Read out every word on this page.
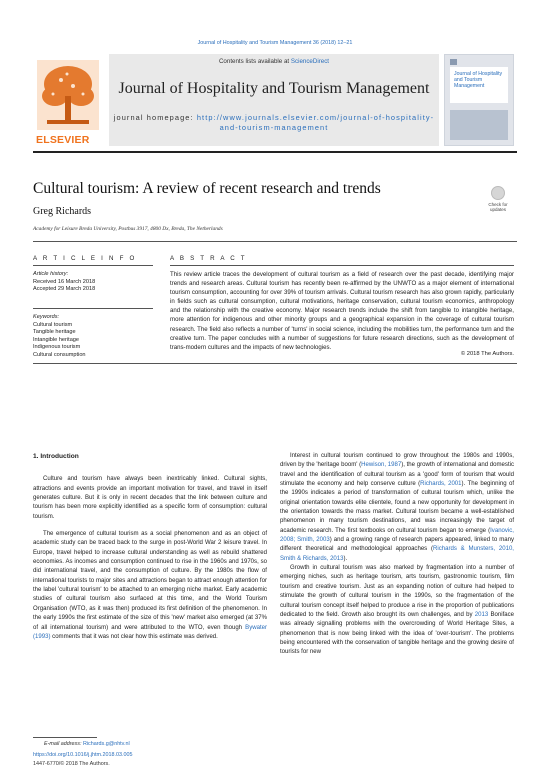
Journal of Hospitality and Tourism Management 36 (2018) 12–21
ELSEVIER
Contents lists available at ScienceDirect
Journal of Hospitality and Tourism Management
journal homepage: http://www.journals.elsevier.com/journal-of-hospitality-
and-tourism-management
Journal of Hospitality and Tourism Management
Cultural tourism: A review of recent research and trends
Greg Richards
Academy for Leisure Breda University, Postbus 3917, 4800 Dx, Breda, The Netherlands
Check for updates
A R T I C L E I N F O	A B S T R A C T
Article history:
Received 16 March 2018
Accepted 29 March 2018
Keywords:
Cultural tourism
Tangible heritage
Intangible heritage
Indigenous tourism
Cultural consumption
This review article traces the development of cultural tourism as a field of research over the past decade, identifying major trends and research areas. Cultural tourism has recently been re-affirmed by the UNWTO as a major element of international tourism consumption, accounting for over 39% of tourism arrivals. Cultural tourism research has also grown rapidly, particularly in fields such as cultural consumption, cultural motivations, heritage conservation, cultural tourism economics, anthropology and the relationship with the creative economy. Major research trends include the shift from tangible to intangible heritage, more attention for indigenous and other minority groups and a geographical expansion in the coverage of cultural tourism research. The field also reflects a number of 'turns' in social science, including the mobilities turn, the performance turn and the creative turn. The paper concludes with a number of suggestions for future research directions, such as the development of trans-modern cultures and the impacts of new technologies.
© 2018 The Authors.

1. Introduction

Culture and tourism have always been inextricably linked. Cultural sights, attractions and events provide an important motivation for travel, and travel in itself generates culture. But it is only in recent decades that the link between culture and tourism has been more explicitly identified as a specific form of consumption: cultural tourism.

The emergence of cultural tourism as a social phenomenon and as an object of academic study can be traced back to the surge in post-World War 2 leisure travel. In Europe, travel helped to increase cultural understanding as well as rebuild shattered economies. As incomes and consumption continued to rise in the 1960s and 1970s, so did international travel, and the consumption of culture. By the 1980s the flow of international tourists to major sites and attractions began to attract enough attention for the label 'cultural tourism' to be attached to an emerging niche market. Early academic studies of cultural tourism also surfaced at this time, and the World Tourism Organisation (WTO, as it was then) produced its first definition of the phenomenon. In the early 1990s the first estimate of the size of this 'new' market also emerged (at 37% of all international tourism) and were attributed to the WTO, even though Bywater (1993) comments that it was not clear how this estimate was derived.

Interest in cultural tourism continued to grow throughout the 1980s and 1990s, driven by the 'heritage boom' (Hewison, 1987), the growth of international and domestic travel and the identification of cultural tourism as a 'good' form of tourism that would stimulate the economy and help conserve culture (Richards, 2001). The beginning of the 1990s indicates a period of transformation of cultural tourism which, unlike the original orientation towards elite clientele, found a new opportunity for development in the orientation towards the mass market. Cultural tourism became a well-established phenomenon in many tourism destinations, and was increasingly the target of academic research. The first textbooks on cultural tourism began to emerge (Ivanovic, 2008; Smith, 2003) and a growing range of research papers appeared, linked to many different theoretical and methodological approaches (Richards & Munsters, 2010, Smith & Richards, 2013).

Growth in cultural tourism was also marked by fragmentation into a number of emerging niches, such as heritage tourism, arts tourism, gastronomic tourism, film tourism and creative tourism. Just as an expanding notion of culture had helped to stimulate the growth of cultural tourism in the 1990s, so the fragmentation of the cultural tourism concept itself helped to produce a rise in the proportion of publications dedicated to the field. Growth also brought its own challenges, and by 2013 Boniface was already signalling problems with the overcrowding of World Heritage Sites, a phenomenon that is now being linked with the idea of 'over-tourism'. The problems being encountered with the conservation of tangible heritage and the growing desire of tourists for new

E-mail address: Richards.g@nhtv.nl
https://doi.org/10.1016/j.jhtm.2018.03.005
1447-6770/© 2018 The Authors.
